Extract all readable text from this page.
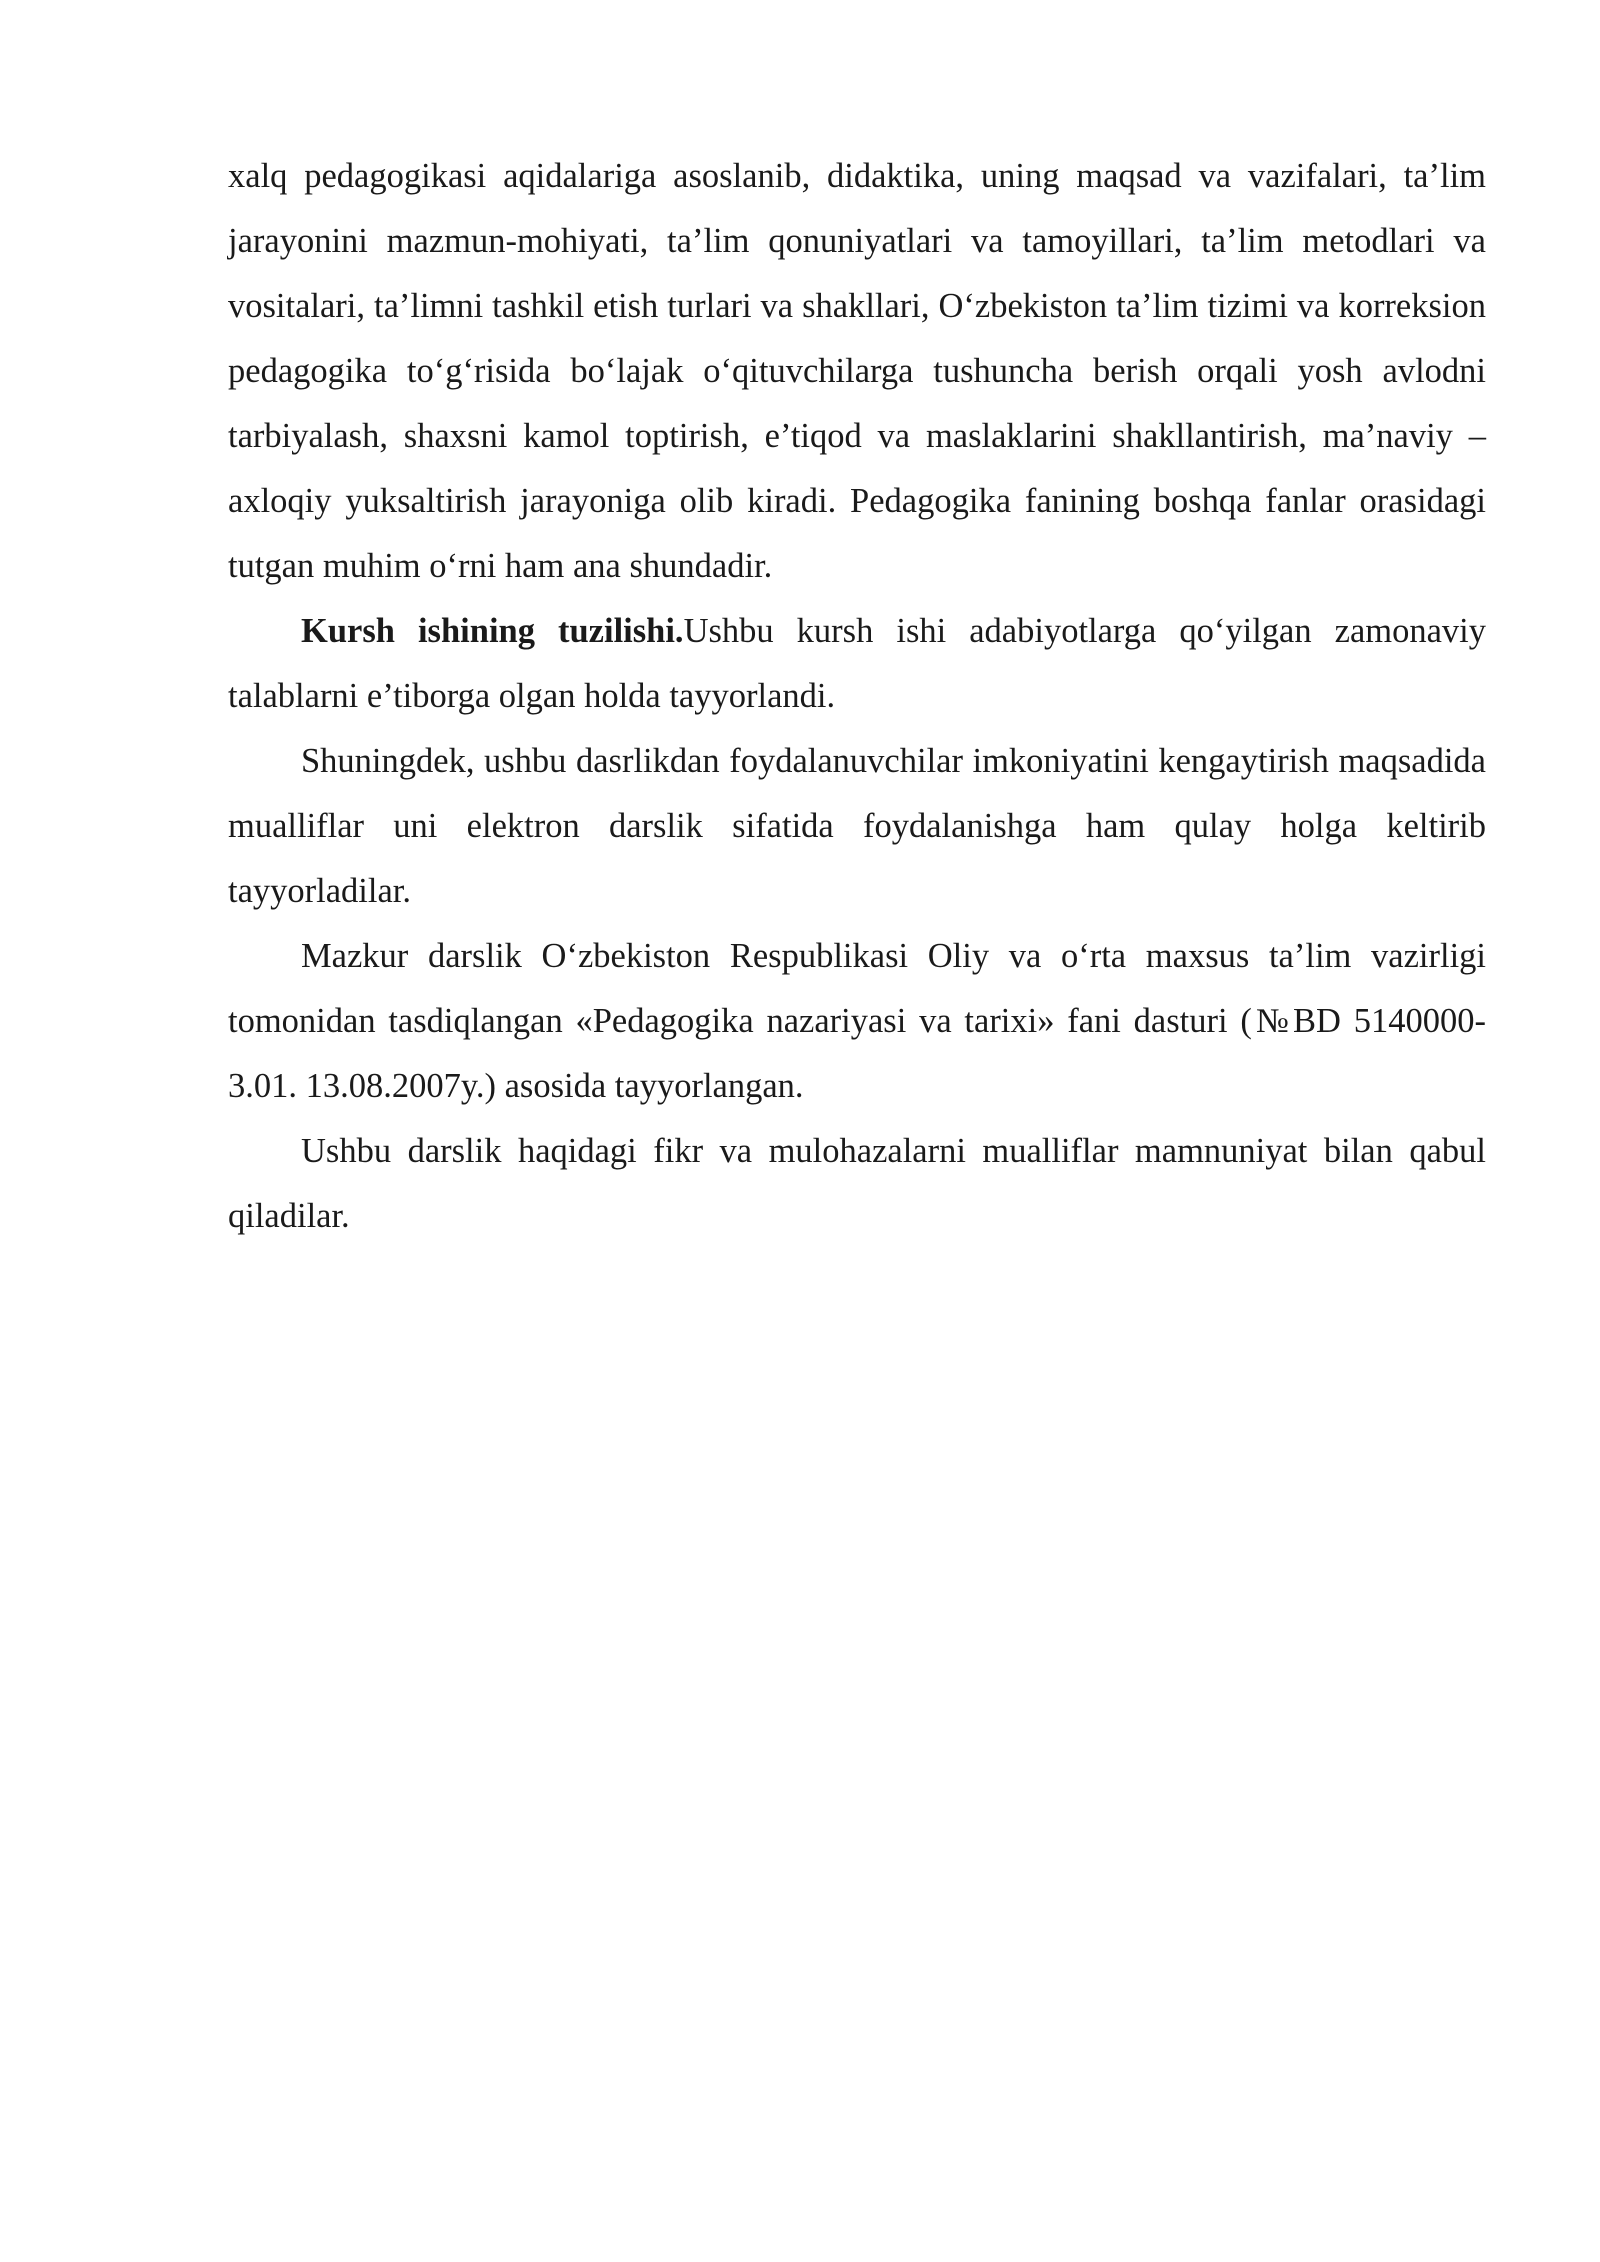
xalq pedagogikasi aqidalariga asoslanib, didaktika, uning maqsad va vazifalari, ta’lim jarayonini mazmun-mohiyati, ta’lim qonuniyatlari va tamoyillari, ta’lim metodlari va vositalari, ta’limni tashkil etish turlari va shakllari, O‘zbekiston ta’lim tizimi va korreksion pedagogika to‘g‘risida bo‘lajak o‘qituvchilarga tushuncha berish orqali yosh avlodni tarbiyalash, shaxsni kamol toptirish, e’tiqod va maslaklarini shakllantirish, ma’naviy – axloqiy yuksaltirish jarayoniga olib kiradi. Pedagogika fanining boshqa fanlar orasidagi tutgan muhim o‘rni ham ana shundadir.

Kursh ishining tuzilishi.Ushbu kursh ishi adabiyotlarga qo‘yilgan zamonaviy talablarni e’tiborga olgan holda tayyorlandi.

Shuningdek, ushbu dasrlikdan foydalanuvchilar imkoniyatini kengaytirish maqsadida mualliflar uni elektron darslik sifatida foydalanishga ham qulay holga keltirib tayyorladilar.

Mazkur darslik O‘zbekiston Respublikasi Oliy va o‘rta maxsus ta’lim vazirligi tomonidan tasdiqlangan «Pedagogika nazariyasi va tarixi» fani dasturi (№BD 5140000-3.01. 13.08.2007y.) asosida tayyorlangan.

Ushbu darslik haqidagi fikr va mulohazalarni mualliflar mamnuniyat bilan qabul qiladilar.
